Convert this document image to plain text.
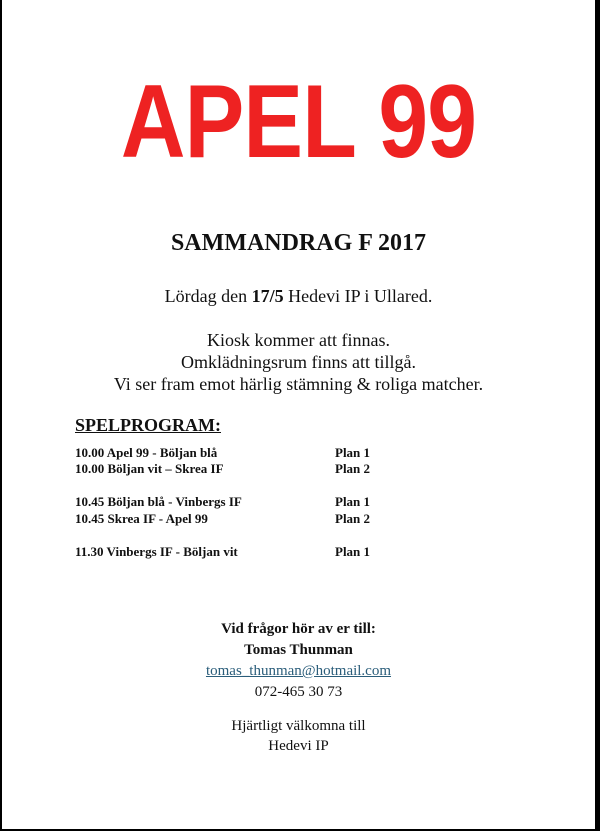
APEL 99
SAMMANDRAG F 2017
Lördag den 17/5 Hedevi IP i Ullared.
Kiosk kommer att finnas.
Omklädningsrum finns att tillgå.
Vi ser fram emot härlig stämning & roliga matcher.
SPELPROGRAM:
10.00 Apel 99 - Böljan blå	Plan 1
10.00 Böljan vit – Skrea IF	Plan 2
10.45 Böljan blå - Vinbergs IF	Plan 1
10.45 Skrea IF - Apel 99	Plan 2
11.30 Vinbergs IF - Böljan vit	Plan 1
Vid frågor hör av er till:
Tomas Thunman
tomas_thunman@hotmail.com
072-465 30 73
Hjärtligt välkomna till
Hedevi IP
